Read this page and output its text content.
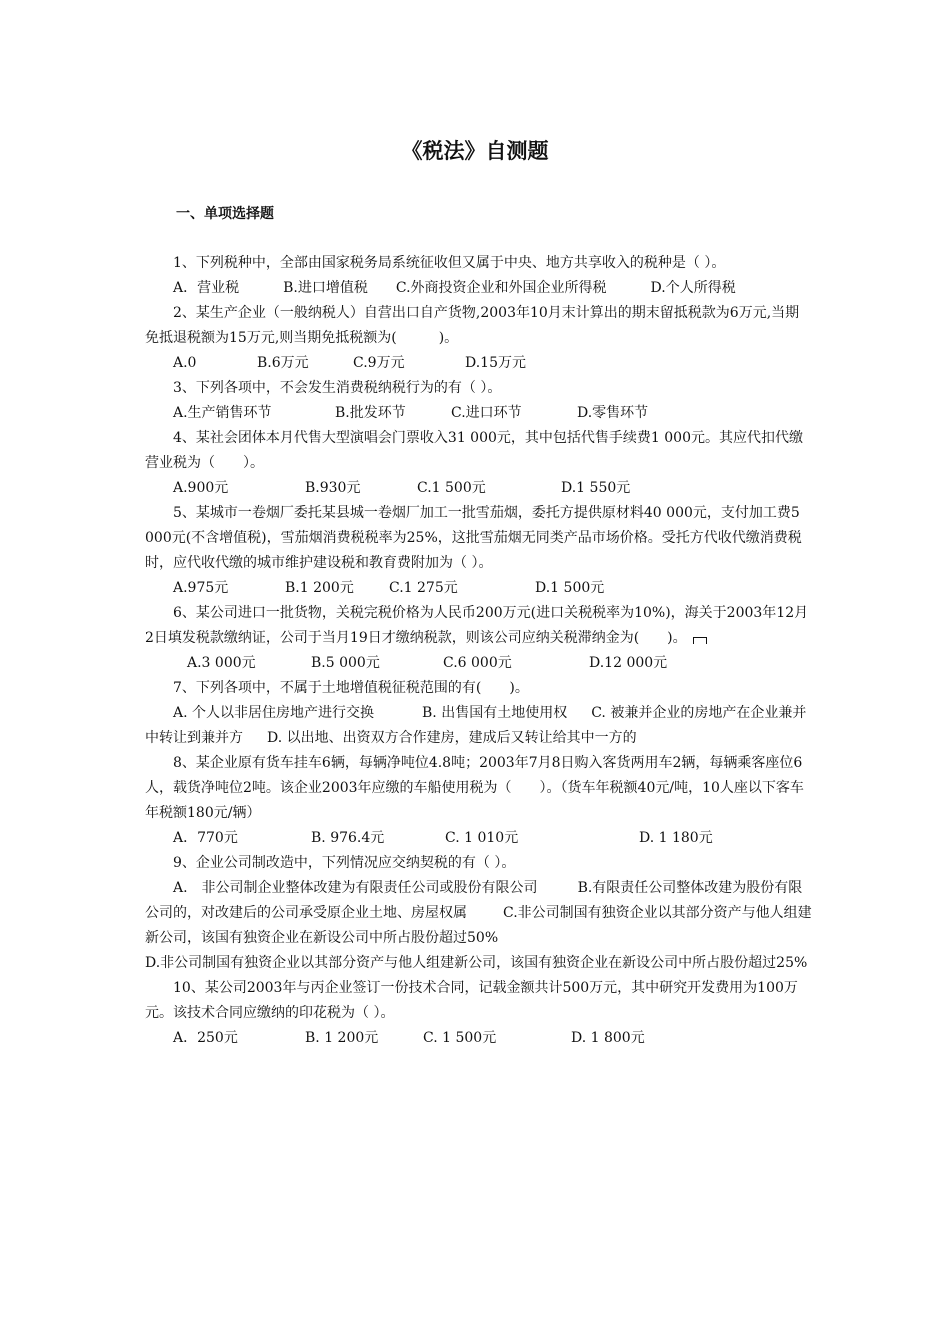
《税法》自测题
一、单项选择题

1、下列税种中，全部由国家税务局系统征收但又属于中央、地方共享收入的税种是（ ）。

A．营业税	B.进口增值税 C.外商投资企业和外国企业所得税	D.个人所得税

2、某生产企业（一般纳税人）自营出口自产货物,2003年10月末计算出的期末留抵税款为6万元,当期免抵退税额为15万元,则当期免抵税额为(　　　)。

A.0	B.6万元	C.9万元	D.15万元

3、下列各项中，不会发生消费税纳税行为的有（ ）。

A.生产销售环节	B.批发环节	C.进口环节	D.零售环节

4、某社会团体本月代售大型演唱会门票收入31 000元，其中包括代售手续费1 000元。其应代扣代缴营业税为（　　）。

A.900元	B.930元	C.1 500元	D.1 550元

5、某城市一卷烟厂委托某县城一卷烟厂加工一批雪茄烟，委托方提供原材料40 000元，支付加工费5 000元(不含增值税)，雪茄烟消费税税率为25%，这批雪茄烟无同类产品市场价格。受托方代收代缴消费税时，应代收代缴的城市维护建设税和教育费附加为（ ）。

A.975元	B.1 200元	C.1 275元	D.1 500元

6、某公司进口一批货物，关税完税价格为人民币200万元(进口关税税率为10%)，海关于2003年12月2日填发税款缴纳证，公司于当月19日才缴纳税款，则该公司应纳关税滞纳金为(　　)。

A.3 000元	B.5 000元	C.6 000元	D.12 000元

7、下列各项中，不属于土地增值税征税范围的有(　　)。

A. 个人以非居住房地产进行交换	B. 出售国有土地使用权 C. 被兼并企业的房地产在企业兼并中转让到兼并方 D. 以出地、出资双方合作建房，建成后又转让给其中一方的

8、某企业原有货车挂车6辆，每辆净吨位4.8吨；2003年7月8日购入客货两用车2辆，每辆乘客座位6人，载货净吨位2吨。该企业2003年应缴的车船使用税为（　　）。（货车年税额40元/吨，10人座以下客车年税额180元/辆）

A．770元	B. 976.4元	C. 1 010元	D. 1 180元

9、企业公司制改造中，下列情况应交纳契税的有（ ）。

A.　非公司制企业整体改建为有限责任公司或股份有限公司	B.有限责任公司整体改建为股份有限公司的，对改建后的公司承受原企业土地、房屋权属	C.非公司制国有独资企业以其部分资产与他人组建新公司，该国有独资企业在新设公司中所占股份超过50%

D.非公司制国有独资企业以其部分资产与他人组建新公司，该国有独资企业在新设公司中所占股份超过25%

10、某公司2003年与丙企业签订一份技术合同，记载金额共计500万元，其中研究开发费用为100万元。该技术合同应缴纳的印花税为（ ）。

A．250元	B. 1 200元	C. 1 500元	D. 1 800元
